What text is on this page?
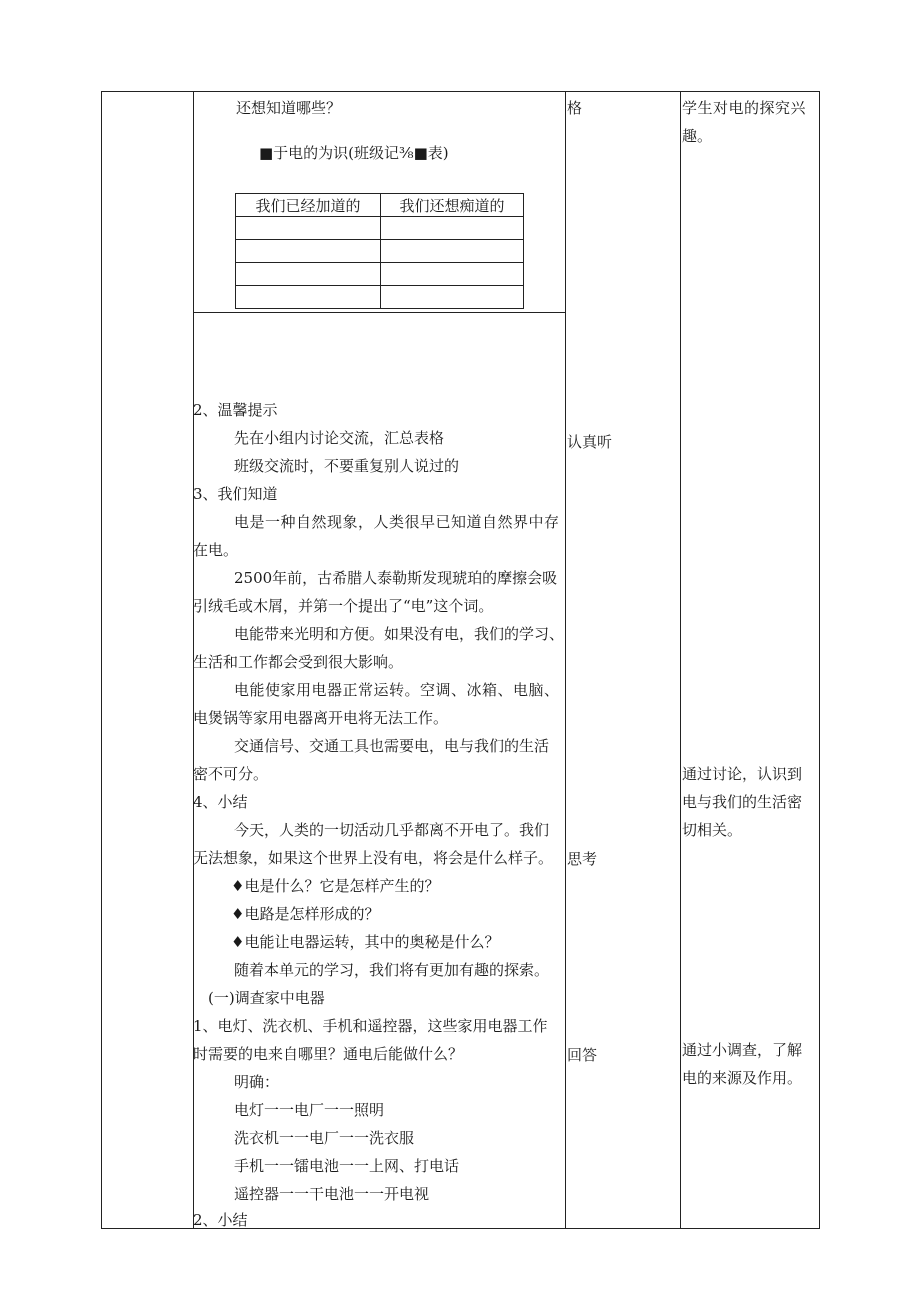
还想知道哪些？
■于电的为识(班级记⅜■表)
我们已经加道的	我们还想痴道的

2、温馨提示
先在小组内讨论交流，汇总表格
班级交流时，不要重复别人说过的
3、我们知道
电是一种自然现象，人类很早已知道自然界中存
在电。
2500年前，古希腊人泰勒斯发现琥珀的摩擦会吸
引绒毛或木屑，并第一个提出了“电”这个词。
电能带来光明和方便。如果没有电，我们的学习、
生活和工作都会受到很大影响。
电能使家用电器正常运转。空调、冰箱、电脑、
电煲锅等家用电器离开电将无法工作。
交通信号、交通工具也需要电，电与我们的生活
密不可分。
4、小结
今天，人类的一切活动几乎都离不开电了。我们
无法想象，如果这个世界上没有电，将会是什么样子。
♦电是什么？它是怎样产生的？
♦电路是怎样形成的？
♦电能让电器运转，其中的奥秘是什么？
随着本单元的学习，我们将有更加有趣的探索。
(一)调查家中电器
1、电灯、洗衣机、手机和遥控器，这些家用电器工作
时需要的电来自哪里？通电后能做什么？
明确：
电灯一一电厂一一照明
洗衣机一一电厂一一洗衣服
手机一一镭电池一一上网、打电话
遥控器一一干电池一一开电视
2、小结
格
认真听
思考
回答
学生对电的探究兴
趣。
通过讨论，认识到
电与我们的生活密
切相关。
通过小调查，了解
电的来源及作用。
